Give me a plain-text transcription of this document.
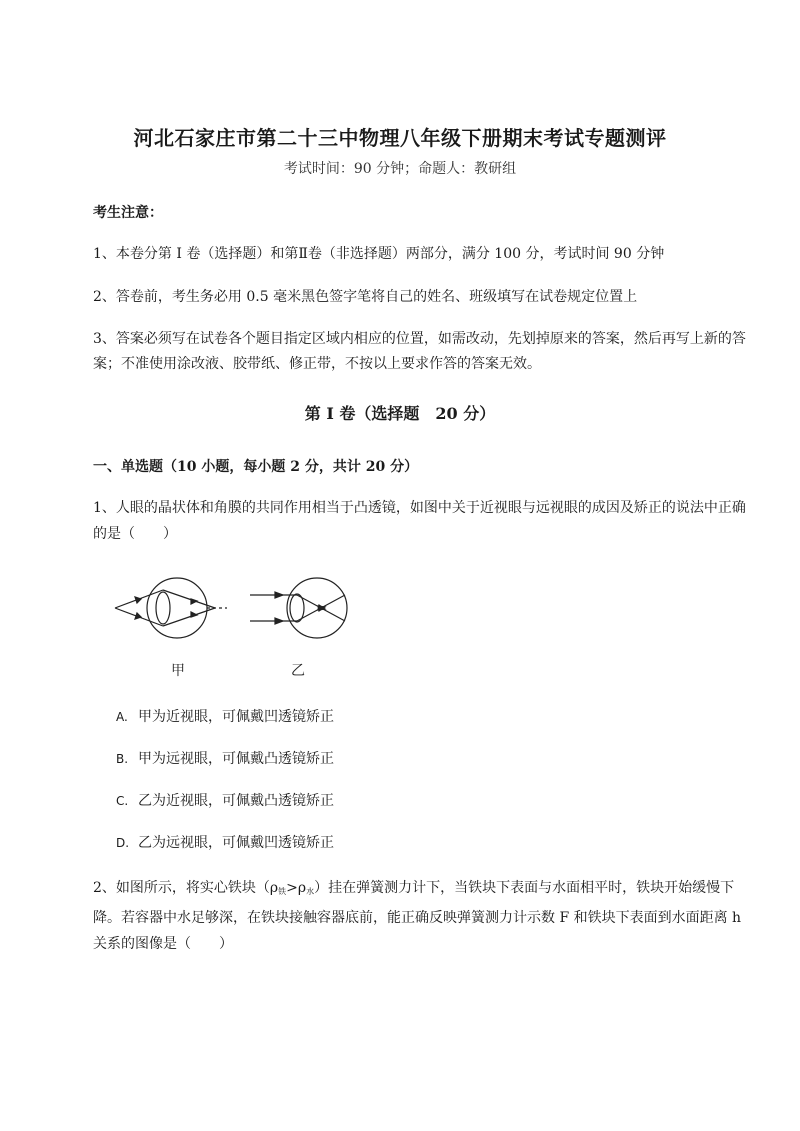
河北石家庄市第二十三中物理八年级下册期末考试专题测评
考试时间：90 分钟；命题人：教研组
考生注意：
1、本卷分第 I 卷（选择题）和第Ⅱ卷（非选择题）两部分，满分 100 分，考试时间 90 分钟
2、答卷前，考生务必用 0.5 毫米黑色签字笔将自己的姓名、班级填写在试卷规定位置上
3、答案必须写在试卷各个题目指定区域内相应的位置，如需改动，先划掉原来的答案，然后再写上新的答案；不准使用涂改液、胶带纸、修正带，不按以上要求作答的答案无效。
第 I 卷（选择题　20 分）
一、单选题（10 小题，每小题 2 分，共计 20 分）
1、人眼的晶状体和角膜的共同作用相当于凸透镜，如图中关于近视眼与远视眼的成因及矫正的说法中正确的是（　　）
甲	乙
A. 甲为近视眼，可佩戴凹透镜矫正
B. 甲为远视眼，可佩戴凸透镜矫正
C. 乙为近视眼，可佩戴凸透镜矫正
D. 乙为远视眼，可佩戴凹透镜矫正
2、如图所示，将实心铁块$(\rho_铁>\rho_水)$挂在弹簧测力计下，当铁块下表面与水面相平时，铁块开始缓慢下降。若容器中水足够深，在铁块接触容器底前，能正确反映弹簧测力计示数 F 和铁块下表面到水面距离 h 关系的图像是（　　）
